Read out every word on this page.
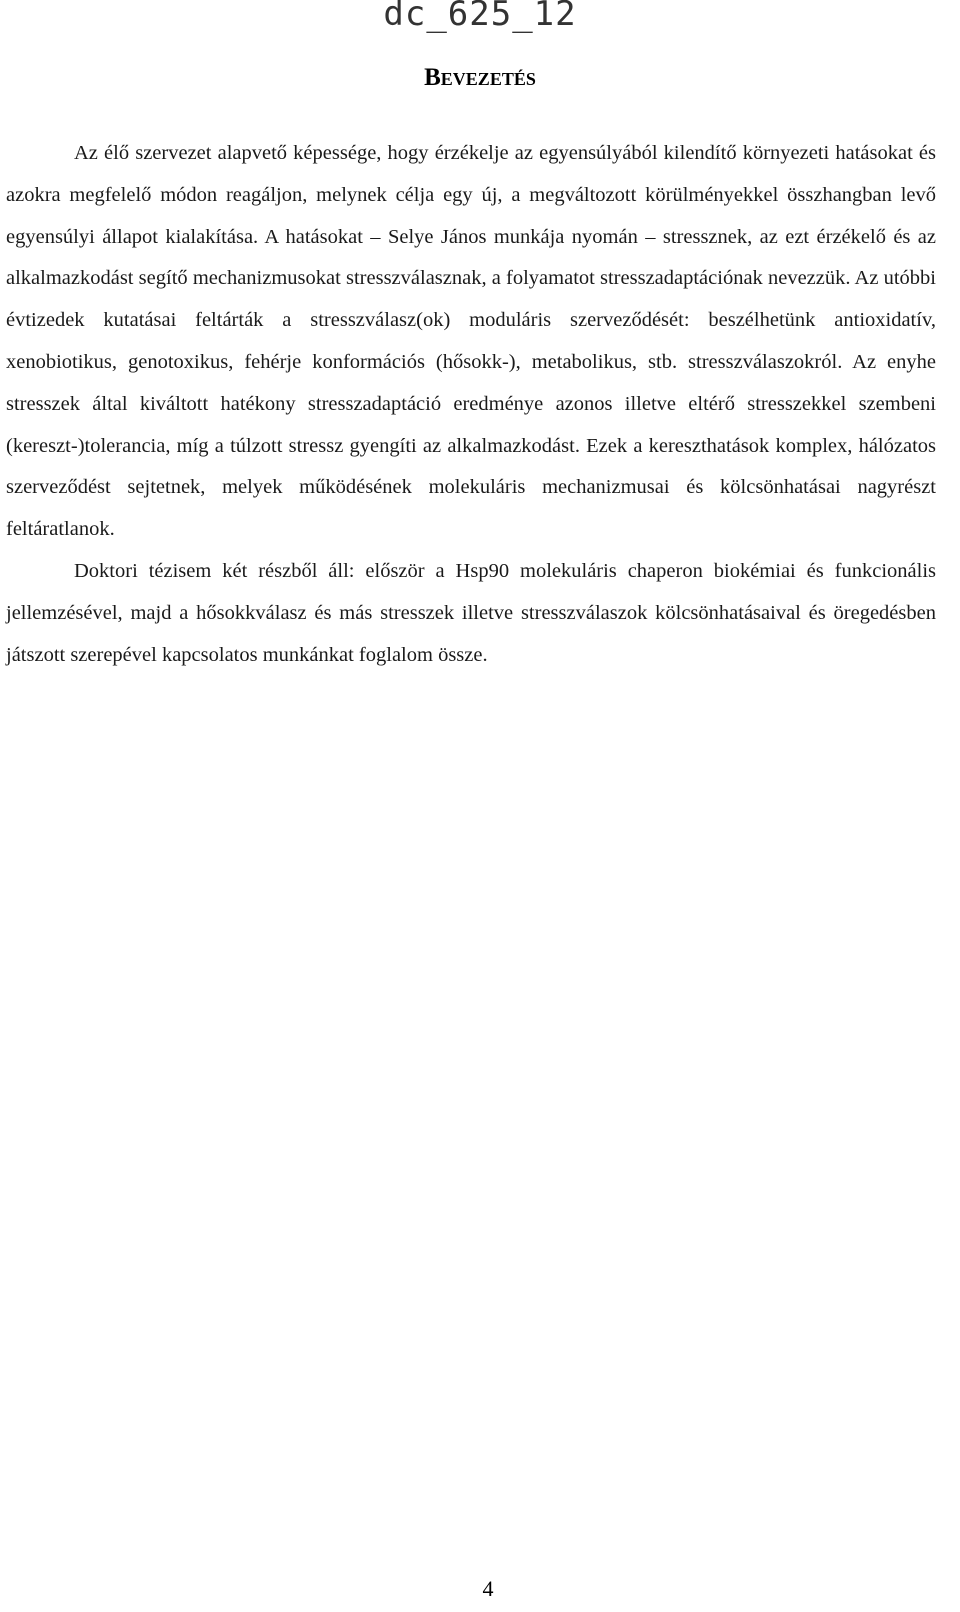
dc_625_12
Bevezetés

Az élő szervezet alapvető képessége, hogy érzékelje az egyensúlyából kilendítő környezeti hatásokat és azokra megfelelő módon reagáljon, melynek célja egy új, a megváltozott körülményekkel összhangban levő egyensúlyi állapot kialakítása. A hatásokat – Selye János munkája nyomán – stressznek, az ezt érzékelő és az alkalmazkodást segítő mechanizmusokat stresszválasznak, a folyamatot stresszadaptációnak nevezzük. Az utóbbi évtizedek kutatásai feltárták a stresszválasz(ok) moduláris szerveződését: beszélhetünk antioxidatív, xenobiotikus, genotoxikus, fehérje konformációs (hősokk-), metabolikus, stb. stresszválaszokról. Az enyhe stresszek által kiváltott hatékony stresszadaptáció eredménye azonos illetve eltérő stresszekkel szembeni (kereszt-)tolerancia, míg a túlzott stressz gyengíti az alkalmazkodást. Ezek a kereszthatások komplex, hálózatos szerveződést sejtetnek, melyek működésének molekuláris mechanizmusai és kölcsönhatásai nagyrészt feltáratlanok.

Doktori tézisem két részből áll: először a Hsp90 molekuláris chaperon biokémiai és funkcionális jellemzésével, majd a hősokkválasz és más stresszek illetve stresszválaszok kölcsönhatásaival és öregedésben játszott szerepével kapcsolatos munkánkat foglalom össze.

4
